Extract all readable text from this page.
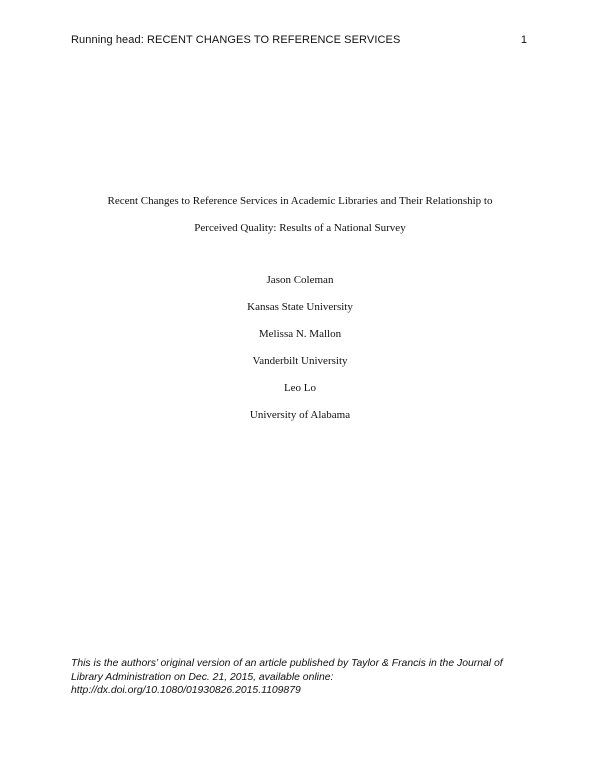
Running head: RECENT CHANGES TO REFERENCE SERVICES	1
Recent Changes to Reference Services in Academic Libraries and Their Relationship to
Perceived Quality: Results of a National Survey
Jason Coleman
Kansas State University
Melissa N. Mallon
Vanderbilt University
Leo Lo
University of Alabama
This is the authors’ original version of an article published by Taylor & Francis in the Journal of
Library Administration on Dec. 21, 2015, available online:
http://dx.doi.org/10.1080/01930826.2015.1109879
